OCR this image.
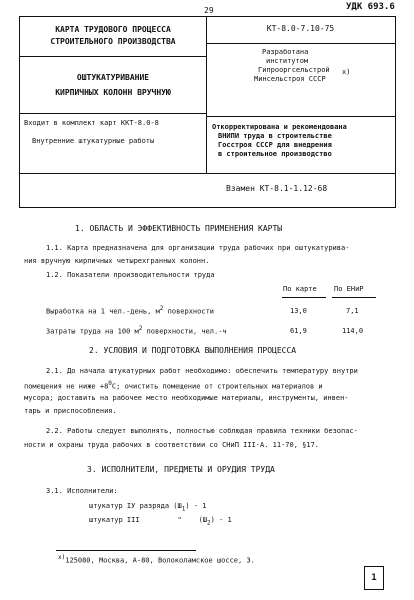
29	УДК 693.6
КАРТА ТРУДОВОГО ПРОЦЕССА
СТРОИТЕЛЬНОГО ПРОИЗВОДСТВА
КТ-8.0-7.10-75
ОШТУКАТУРИВАНИЕ
КИРПИЧНЫХ КОЛОНН ВРУЧНУЮ
Разработана
институтом
Гипрооргсельстрой
Минсельстроя СССР
x)
Входит в комплект карт ККТ-8.0-8
Внутренние штукатурные работы
Откорректирована и рекомендована
ВНИПИ труда в строительстве
Госстроя СССР для внедрения
в строительное производство
Взамен КТ-8.1-1.12-68
1. ОБЛАСТЬ И ЭФФЕКТИВНОСТЬ ПРИМЕНЕНИЯ КАРТЫ
1.1. Карта предназначена для организации труда рабочих при оштукатурива-
ния вручную кирпичных четырехгранных колонн.
1.2. Показатели производительности труда
По карте По ЕНиР
Выработка на 1 чел.-день, $м^2$ поверхности	13,0	7,1
Затраты труда на 100 $м^2$ поверхности, чел.-ч	61,9	114,0
2. УСЛОВИЯ И ПОДГОТОВКА ВЫПОЛНЕНИЯ ПРОЦЕССА
2.1. До начала штукатурных работ необходимо: обеспечить температуру внутри
помещения не ниже $+8^0С$; очистить помещение от строительных материалов и
мусора; доставить на рабочее место необходимые материалы, инструменты, инвен-
тарь и приспособления.
2.2. Работы следует выполнять, полностью соблюдая правила техники безопас-
ности и охраны труда рабочих в соответствии со СНиП III-А. 11-70, §17.
3. ИСПОЛНИТЕЛИ, ПРЕДМЕТЫ И ОРУДИЯ ТРУДА
3.1. Исполнители:
штукатур IУ разряда $(Ш_1) - 1$
штукатур III	" $(Ш_2) - 1$
$^{x)}$125080, Москва, А-80, Волоколамское шоссе, 3.
1
